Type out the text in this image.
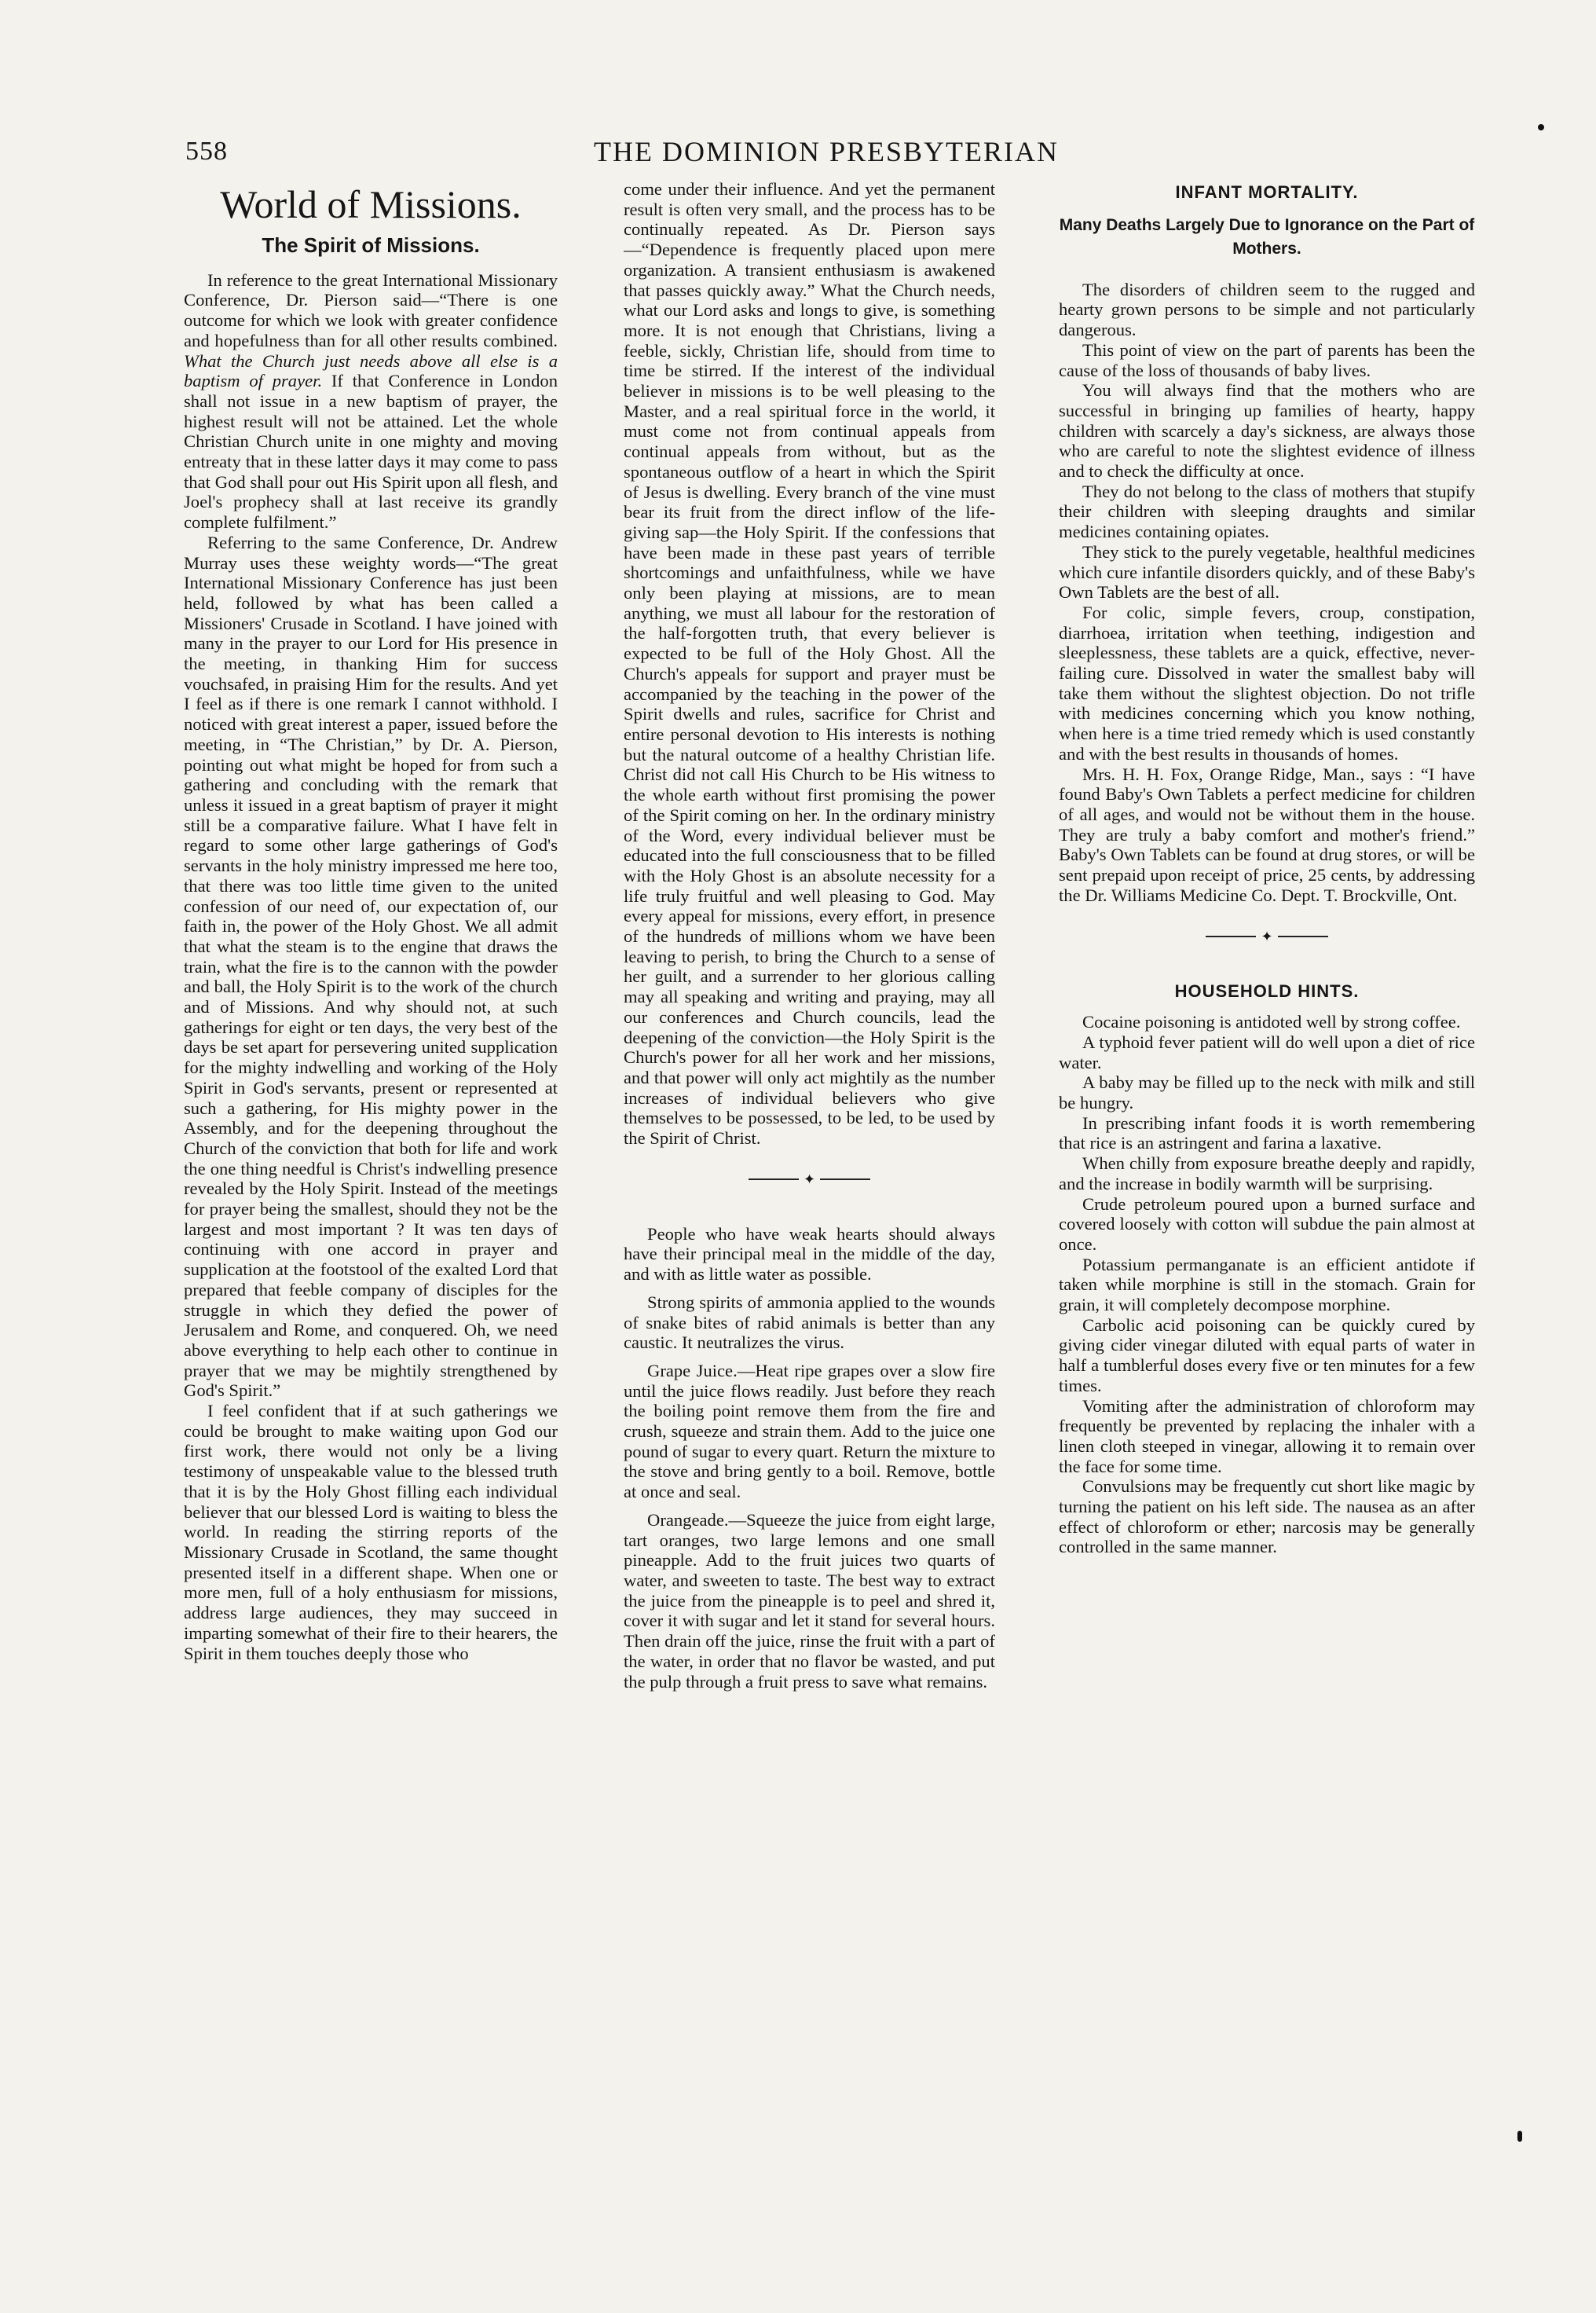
558	THE DOMINION PRESBYTERIAN
World of Missions.
The Spirit of Missions.

In reference to the great International Missionary Conference, Dr. Pierson said—“There is one outcome for which we look with greater confidence and hopefulness than for all other results combined. What the Church just needs above all else is a baptism of prayer. If that Conference in London shall not issue in a new baptism of prayer, the highest result will not be attained. Let the whole Christian Church unite in one mighty and moving entreaty that in these latter days it may come to pass that God shall pour out His Spirit upon all flesh, and Joel's prophecy shall at last receive its grandly complete fulfilment.”

Referring to the same Conference, Dr. Andrew Murray uses these weighty words—“The great International Missionary Conference has just been held, followed by what has been called a Missioners' Crusade in Scotland. I have joined with many in the prayer to our Lord for His presence in the meeting, in thanking Him for success vouchsafed, in praising Him for the results. And yet I feel as if there is one remark I cannot withhold. I noticed with great interest a paper, issued before the meeting, in “The Christian,” by Dr. A. Pierson, pointing out what might be hoped for from such a gathering and concluding with the remark that unless it issued in a great baptism of prayer it might still be a comparative failure. What I have felt in regard to some other large gatherings of God's servants in the holy ministry impressed me here too, that there was too little time given to the united confession of our need of, our expectation of, our faith in, the power of the Holy Ghost. We all admit that what the steam is to the engine that draws the train, what the fire is to the cannon with the powder and ball, the Holy Spirit is to the work of the church and of Missions. And why should not, at such gatherings for eight or ten days, the very best of the days be set apart for persevering united supplication for the mighty indwelling and working of the Holy Spirit in God's servants, present or represented at such a gathering, for His mighty power in the Assembly, and for the deepening throughout the Church of the conviction that both for life and work the one thing needful is Christ's indwelling presence revealed by the Holy Spirit. Instead of the meetings for prayer being the smallest, should they not be the largest and most important ? It was ten days of continuing with one accord in prayer and supplication at the footstool of the exalted Lord that prepared that feeble company of disciples for the struggle in which they defied the power of Jerusalem and Rome, and conquered. Oh, we need above everything to help each other to continue in prayer that we may be mightily strengthened by God's Spirit.”

I feel confident that if at such gatherings we could be brought to make waiting upon God our first work, there would not only be a living testimony of unspeakable value to the blessed truth that it is by the Holy Ghost filling each individual believer that our blessed Lord is waiting to bless the world. In reading the stirring reports of the Missionary Crusade in Scotland, the same thought presented itself in a different shape. When one or more men, full of a holy enthusiasm for missions, address large audiences, they may succeed in imparting somewhat of their fire to their hearers, the Spirit in them touches deeply those who

come under their influence. And yet the permanent result is often very small, and the process has to be continually repeated. As Dr. Pierson says—“Dependence is frequently placed upon mere organization. A transient enthusiasm is awakened that passes quickly away.” What the Church needs, what our Lord asks and longs to give, is something more. It is not enough that Christians, living a feeble, sickly, Christian life, should from time to time be stirred. If the interest of the individual believer in missions is to be well pleasing to the Master, and a real spiritual force in the world, it must come not from continual appeals from continual appeals from without, but as the spontaneous outflow of a heart in which the Spirit of Jesus is dwelling. Every branch of the vine must bear its fruit from the direct inflow of the life-giving sap—the Holy Spirit. If the confessions that have been made in these past years of terrible shortcomings and unfaithfulness, while we have only been playing at missions, are to mean anything, we must all labour for the restoration of the half-forgotten truth, that every believer is expected to be full of the Holy Ghost. All the Church's appeals for support and prayer must be accompanied by the teaching in the power of the Spirit dwells and rules, sacrifice for Christ and entire personal devotion to His interests is nothing but the natural outcome of a healthy Christian life. Christ did not call His Church to be His witness to the whole earth without first promising the power of the Spirit coming on her. In the ordinary ministry of the Word, every individual believer must be educated into the full consciousness that to be filled with the Holy Ghost is an absolute necessity for a life truly fruitful and well pleasing to God. May every appeal for missions, every effort, in presence of the hundreds of millions whom we have been leaving to perish, to bring the Church to a sense of her guilt, and a surrender to her glorious calling may all speaking and writing and praying, may all our conferences and Church councils, lead the deepening of the conviction—the Holy Spirit is the Church's power for all her work and her missions, and that power will only act mightily as the number increases of individual believers who give themselves to be possessed, to be led, to be used by the Spirit of Christ.

✦

People who have weak hearts should always have their principal meal in the middle of the day, and with as little water as possible.

Strong spirits of ammonia applied to the wounds of snake bites of rabid animals is better than any caustic. It neutralizes the virus.

Grape Juice.—Heat ripe grapes over a slow fire until the juice flows readily. Just before they reach the boiling point remove them from the fire and crush, squeeze and strain them. Add to the juice one pound of sugar to every quart. Return the mixture to the stove and bring gently to a boil. Remove, bottle at once and seal.

Orangeade.—Squeeze the juice from eight large, tart oranges, two large lemons and one small pineapple. Add to the fruit juices two quarts of water, and sweeten to taste. The best way to extract the juice from the pineapple is to peel and shred it, cover it with sugar and let it stand for several hours. Then drain off the juice, rinse the fruit with a part of the water, in order that no flavor be wasted, and put the pulp through a fruit press to save what remains.

INFANT MORTALITY.
Many Deaths Largely Due to Ignorance on the Part of Mothers.

The disorders of children seem to the rugged and hearty grown persons to be simple and not particularly dangerous.

This point of view on the part of parents has been the cause of the loss of thousands of baby lives.

You will always find that the mothers who are successful in bringing up families of hearty, happy children with scarcely a day's sickness, are always those who are careful to note the slightest evidence of illness and to check the difficulty at once.

They do not belong to the class of mothers that stupify their children with sleeping draughts and similar medicines containing opiates.

They stick to the purely vegetable, healthful medicines which cure infantile disorders quickly, and of these Baby's Own Tablets are the best of all.

For colic, simple fevers, croup, constipation, diarrhoea, irritation when teething, indigestion and sleeplessness, these tablets are a quick, effective, never-failing cure. Dissolved in water the smallest baby will take them without the slightest objection. Do not trifle with medicines concerning which you know nothing, when here is a time tried remedy which is used constantly and with the best results in thousands of homes.

Mrs. H. H. Fox, Orange Ridge, Man., says : “I have found Baby's Own Tablets a perfect medicine for children of all ages, and would not be without them in the house. They are truly a baby comfort and mother's friend.” Baby's Own Tablets can be found at drug stores, or will be sent prepaid upon receipt of price, 25 cents, by addressing the Dr. Williams Medicine Co. Dept. T. Brockville, Ont.

✦
HOUSEHOLD HINTS.

Cocaine poisoning is antidoted well by strong coffee.

A typhoid fever patient will do well upon a diet of rice water.

A baby may be filled up to the neck with milk and still be hungry.

In prescribing infant foods it is worth remembering that rice is an astringent and farina a laxative.

When chilly from exposure breathe deeply and rapidly, and the increase in bodily warmth will be surprising.

Crude petroleum poured upon a burned surface and covered loosely with cotton will subdue the pain almost at once.

Potassium permanganate is an efficient antidote if taken while morphine is still in the stomach. Grain for grain, it will completely decompose morphine.

Carbolic acid poisoning can be quickly cured by giving cider vinegar diluted with equal parts of water in half a tumblerful doses every five or ten minutes for a few times.

Vomiting after the administration of chloroform may frequently be prevented by replacing the inhaler with a linen cloth steeped in vinegar, allowing it to remain over the face for some time.

Convulsions may be frequently cut short like magic by turning the patient on his left side. The nausea as an after effect of chloroform or ether; narcosis may be generally controlled in the same manner.
